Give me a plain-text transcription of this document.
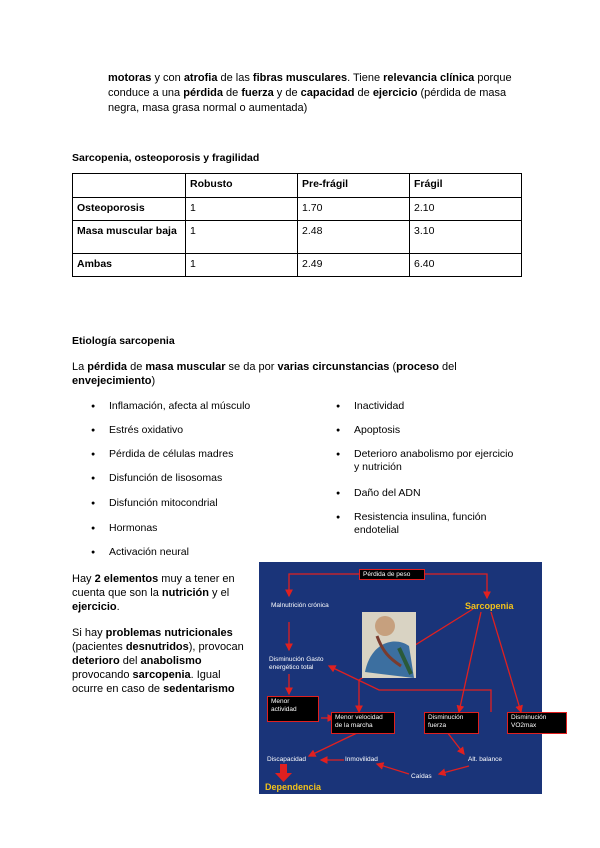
motoras y con atrofia de las fibras musculares. Tiene relevancia clínica porque conduce a una pérdida de fuerza y de capacidad de ejercicio (pérdida de masa negra, masa grasa normal o aumentada)

Sarcopenia, osteoporosis y fragilidad
	Robusto	Pre-frágil	Frágil
Osteoporosis	1	1.70	2.10
Masa muscular baja	1	2.48	3.10
Ambas	1	2.49	6.40
Etiología sarcopenia

La pérdida de masa muscular se da por varias circunstancias (proceso del envejecimiento)

● Inflamación, afecta al músculo
● Estrés oxidativo
● Pérdida de células madres
● Disfunción de lisosomas
● Disfunción mitocondrial
● Hormonas
● Activación neural
● Inactividad
● Apoptosis
● Deterioro anabolismo por ejercicio y nutrición
● Daño del ADN
● Resistencia insulina, función endotelial

Hay 2 elementos muy a tener en cuenta que son la nutrición y el ejercicio.

Si hay problemas nutricionales (pacientes desnutridos), provocan deterioro del anabolismo provocando sarcopenia. Igual ocurre en caso de sedentarismo

Pérdida de peso
Malnutrición crónica	Sarcopenia
Disminución Gasto energético total
Menor actividad
Menor velocidad de la marcha
Disminución fuerza
Disminución VO2max
Discapacidad	Inmovilidad	Alt. balance
Caídas
Dependencia
